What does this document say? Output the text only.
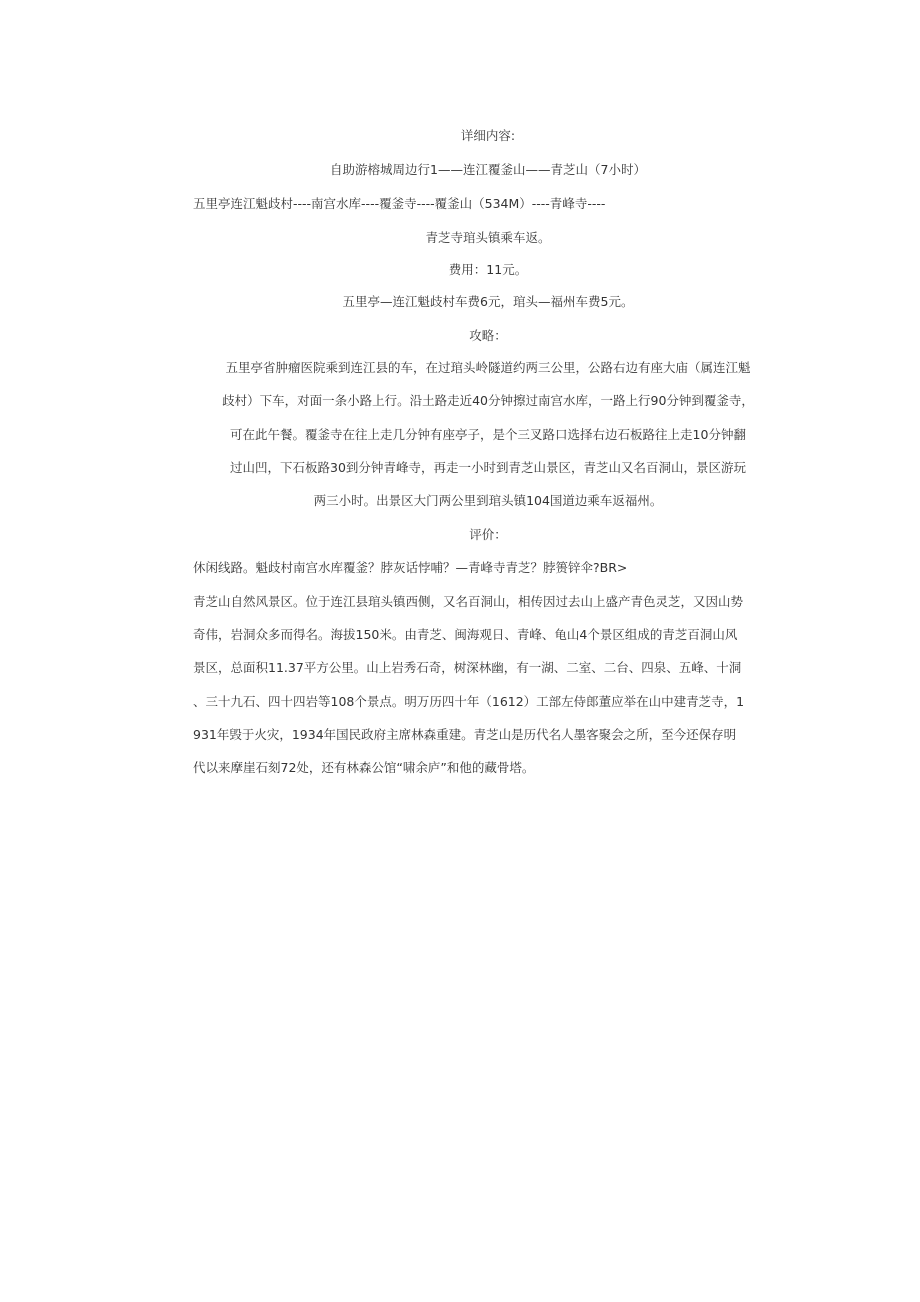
详细内容:
自助游榕城周边行1——连江覆釜山——青芝山（7小时）
五里亭连江魁歧村----南宫水库----覆釜寺----覆釜山（534M）----青峰寺----
青芝寺琯头镇乘车返。
费用：11元。
五里亭—连江魁歧村车费6元，琯头—福州车费5元。
攻略：
五里亭省肿瘤医院乘到连江县的车，在过琯头岭隧道约两三公里，公路右边有座大庙（属连江魁
歧村）下车，对面一条小路上行。沿土路走近40分钟擦过南宫水库，一路上行90分钟到覆釜寺，
可在此午餐。覆釜寺在往上走几分钟有座亭子，是个三叉路口选择右边石板路往上走10分钟翻
过山凹，下石板路30到分钟青峰寺，再走一小时到青芝山景区，青芝山又名百洞山，景区游玩
两三小时。出景区大门两公里到琯头镇104国道边乘车返福州。
评价：
休闲线路。魁歧村南宫水库覆釜？脖灰话悖哺？—青峰寺青芝？脖篑锌伞?BR>
青芝山自然风景区。位于连江县琯头镇西侧，又名百洞山，相传因过去山上盛产青色灵芝，又因山势
奇伟，岩洞众多而得名。海拔150米。由青芝、闽海观日、青峰、龟山4个景区组成的青芝百洞山风
景区，总面积11.37平方公里。山上岩秀石奇，树深林幽，有一湖、二室、二台、四泉、五峰、十洞
、三十九石、四十四岩等108个景点。明万历四十年（1612）工部左侍郎董应举在山中建青芝寺，1
931年毁于火灾，1934年国民政府主席林森重建。青芝山是历代名人墨客聚会之所，至今还保存明
代以来摩崖石刻72处，还有林森公馆“啸余庐”和他的藏骨塔。
